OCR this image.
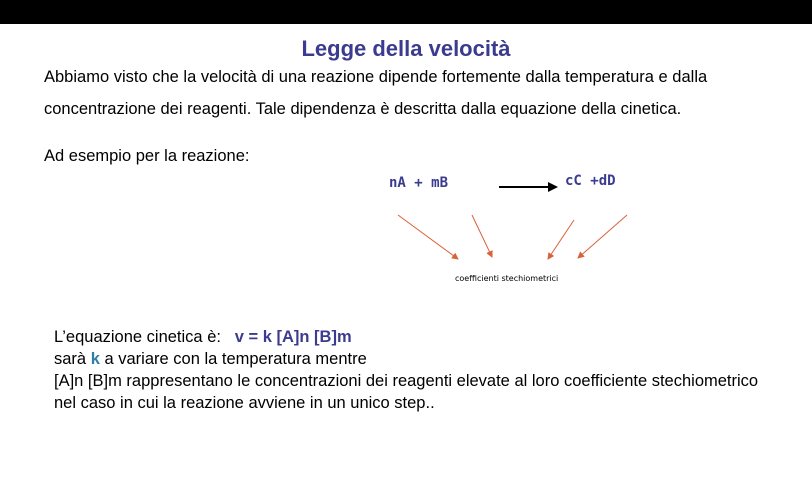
Legge della velocità
Abbiamo visto che la velocità di una reazione dipende fortemente dalla temperatura e dalla
concentrazione dei reagenti. Tale dipendenza è descritta dalla equazione della cinetica.
Ad esempio per la reazione:
nA + mB	cC +dD
coefficienti stechiometrici
L’equazione cinetica è: v = k [A]n [B]m
sarà k a variare con la temperatura mentre
[A]n [B]m rappresentano le concentrazioni dei reagenti elevate al loro coefficiente stechiometrico
nel caso in cui la reazione avviene in un unico step..
